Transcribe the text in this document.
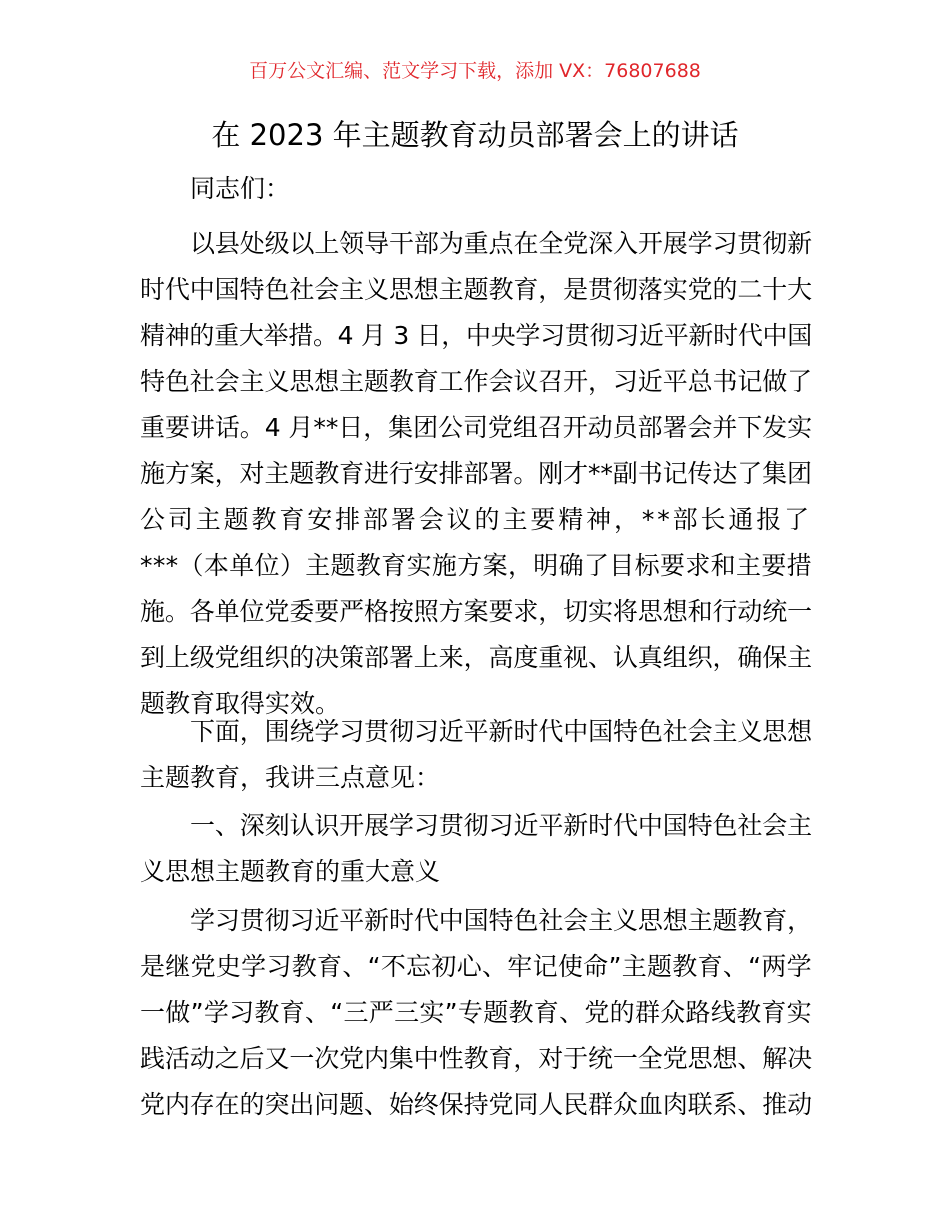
百万公文汇编、范文学习下载，添加 VX：76807688
在 2023 年主题教育动员部署会上的讲话
同志们：
以县处级以上领导干部为重点在全党深入开展学习贯彻新
时代中国特色社会主义思想主题教育，是贯彻落实党的二十大
精神的重大举措。4 月 3 日，中央学习贯彻习近平新时代中国
特色社会主义思想主题教育工作会议召开，习近平总书记做了
重要讲话。4 月**日，集团公司党组召开动员部署会并下发实
施方案，对主题教育进行安排部署。刚才**副书记传达了集团
公司主题教育安排部署会议的主要精神，**部长通报了
***（本单位）主题教育实施方案，明确了目标要求和主要措
施。各单位党委要严格按照方案要求，切实将思想和行动统一
到上级党组织的决策部署上来，高度重视、认真组织，确保主
题教育取得实效。
下面，围绕学习贯彻习近平新时代中国特色社会主义思想
主题教育，我讲三点意见：
一、深刻认识开展学习贯彻习近平新时代中国特色社会主
义思想主题教育的重大意义
学习贯彻习近平新时代中国特色社会主义思想主题教育，
是继党史学习教育、“不忘初心、牢记使命”主题教育、“两学
一做”学习教育、“三严三实”专题教育、党的群众路线教育实
践活动之后又一次党内集中性教育，对于统一全党思想、解决
党内存在的突出问题、始终保持党同人民群众血肉联系、推动
